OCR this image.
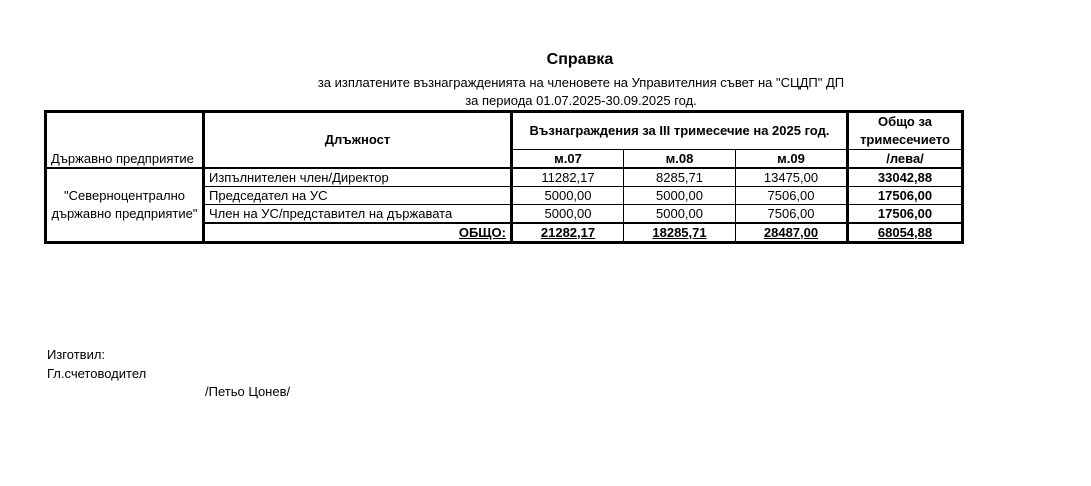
Справка
за изплатените възнагражденията на членовете на Управителния съвет на "СЦДП" ДП
за периода 01.07.2025-30.09.2025 год.
Държавно предприятие	Длъжност	Възнаграждения за III тримесечие на 2025 год.			Общо за
тримесечието

		м.07	м.08	м.09	/лева/
"Северноцентрално държавно предприятие"	Изпълнителен член/Директор	11282,17	8285,71	13475,00	33042,88
	Председател на УС	5000,00	5000,00	7506,00	17506,00
	Член на УС/представител на държавата	5000,00	5000,00	7506,00	17506,00
	ОБЩО:	21282,17	18285,71	28487,00	68054,88
Изготвил:
Гл.счетоводител
/Петьо Цонев/
